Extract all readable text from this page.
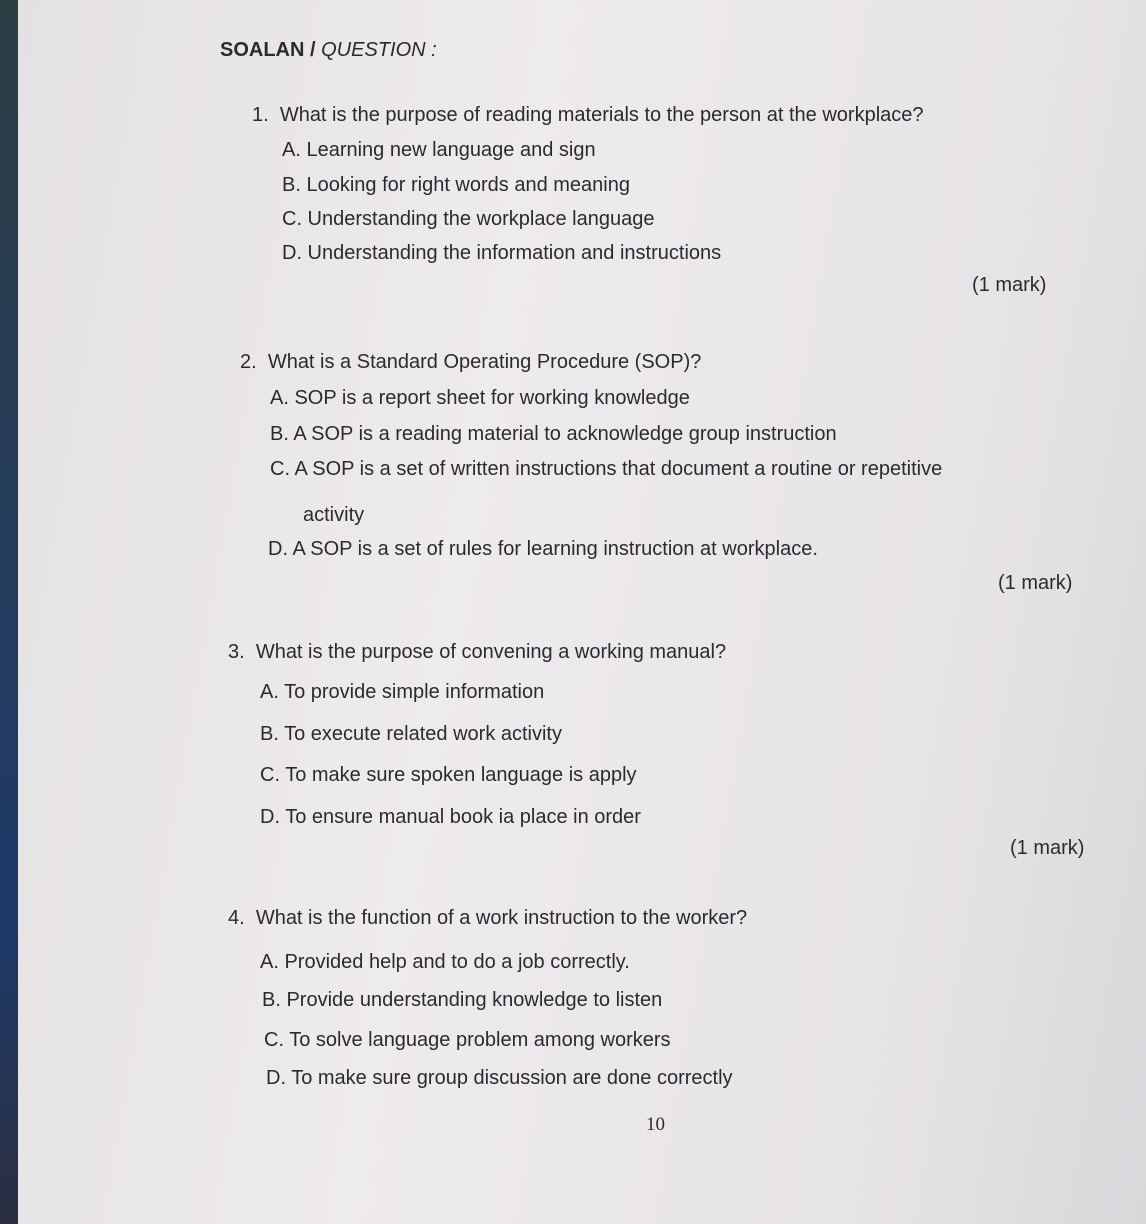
SOALAN / QUESTION :
1. What is the purpose of reading materials to the person at the workplace?
A. Learning new language and sign
B. Looking for right words and meaning
C. Understanding the workplace language
D. Understanding the information and instructions
(1 mark)
2. What is a Standard Operating Procedure (SOP)?
A. SOP is a report sheet for working knowledge
B. A SOP is a reading material to acknowledge group instruction
C. A SOP is a set of written instructions that document a routine or repetitive
activity
D. A SOP is a set of rules for learning instruction at workplace.
(1 mark)
3. What is the purpose of convening a working manual?
A. To provide simple information
B. To execute related work activity
C. To make sure spoken language is apply
D. To ensure manual book ia place in order
(1 mark)
4. What is the function of a work instruction to the worker?
A. Provided help and to do a job correctly.
B. Provide understanding knowledge to listen
C. To solve language problem among workers
D. To make sure group discussion are done correctly
10
